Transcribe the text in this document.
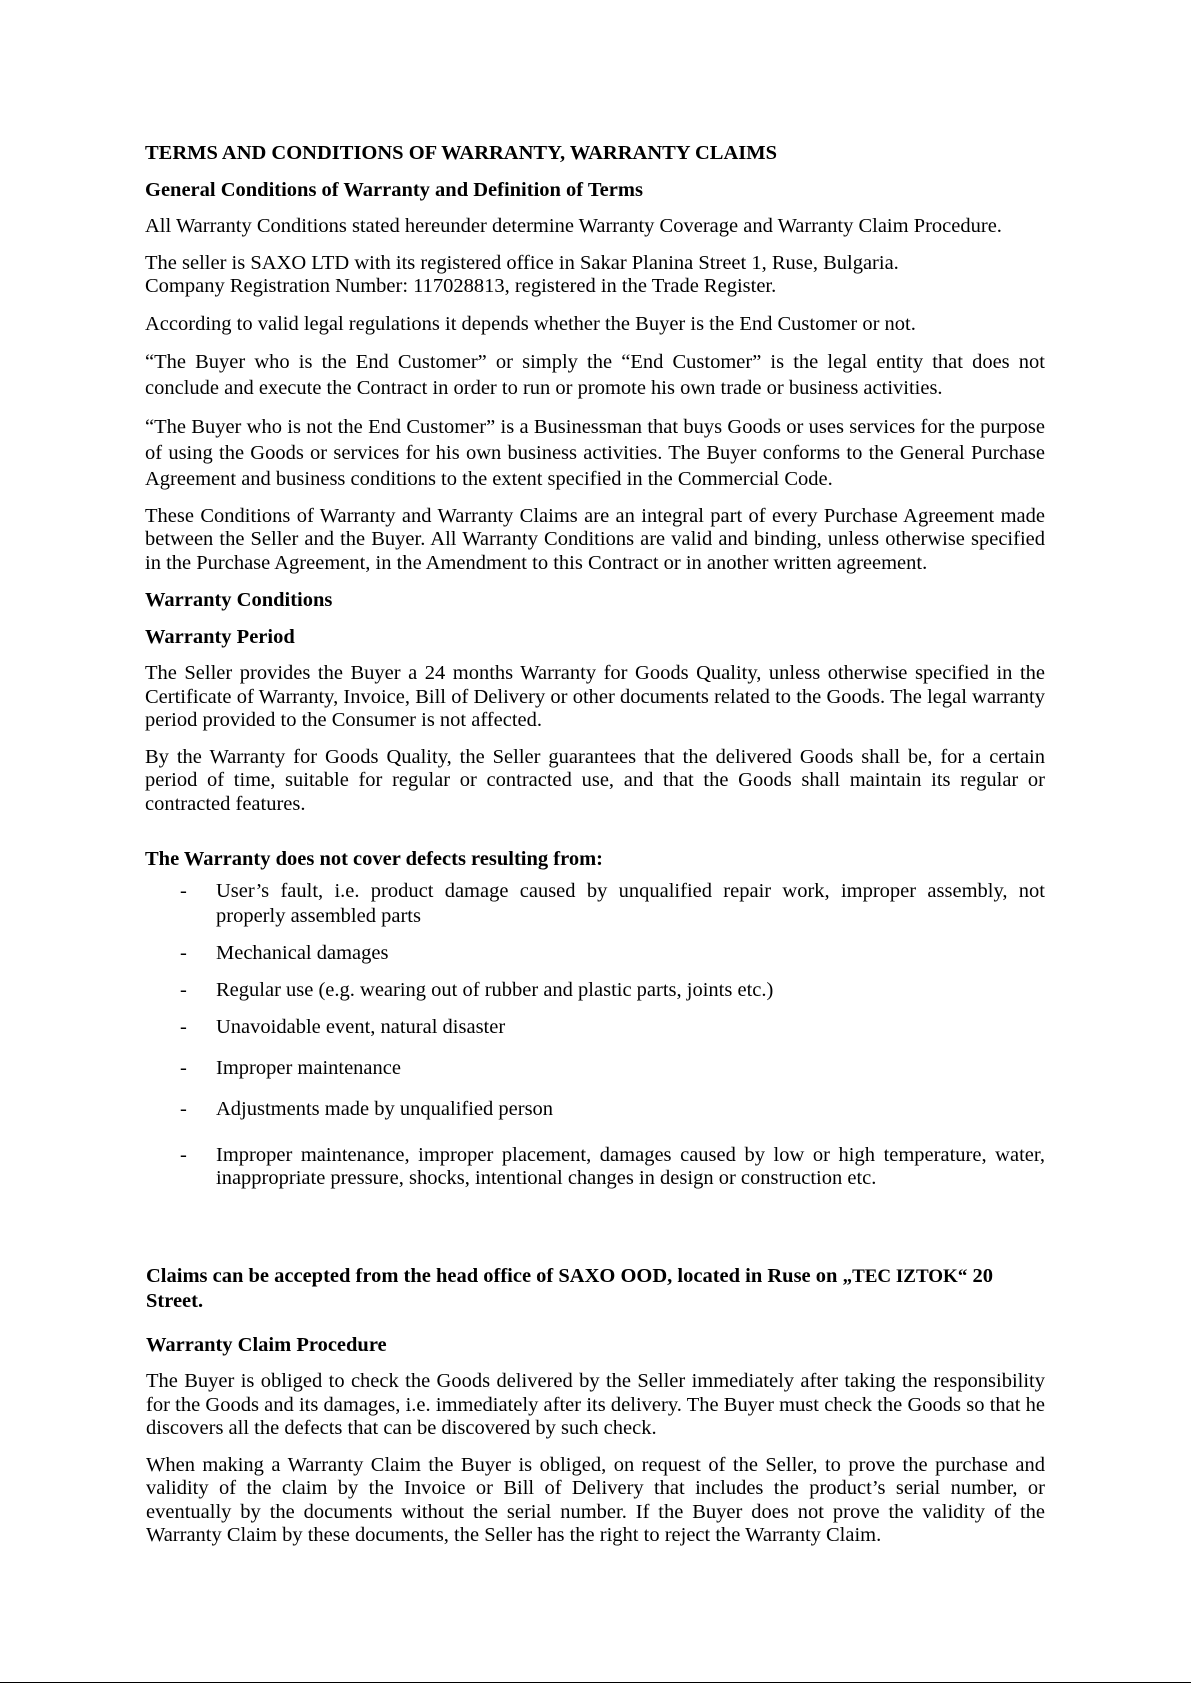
TERMS AND CONDITIONS OF WARRANTY, WARRANTY CLAIMS
General Conditions of Warranty and Definition of Terms
All Warranty Conditions stated hereunder determine Warranty Coverage and Warranty Claim Procedure.
The seller is SAXO LTD with its registered office in Sakar Planina Street 1, Ruse, Bulgaria.
Company Registration Number: 117028813, registered in the Trade Register.
According to valid legal regulations it depends whether the Buyer is the End Customer or not.
“The Buyer who is the End Customer” or simply the “End Customer” is the legal entity that does not conclude and execute the Contract in order to run or promote his own trade or business activities.
“The Buyer who is not the End Customer” is a Businessman that buys Goods or uses services for the purpose of using the Goods or services for his own business activities. The Buyer conforms to the General Purchase Agreement and business conditions to the extent specified in the Commercial Code.
These Conditions of Warranty and Warranty Claims are an integral part of every Purchase Agreement made between the Seller and the Buyer. All Warranty Conditions are valid and binding, unless otherwise specified in the Purchase Agreement, in the Amendment to this Contract or in another written agreement.
Warranty Conditions
Warranty Period
The Seller provides the Buyer a 24 months Warranty for Goods Quality, unless otherwise specified in the Certificate of Warranty, Invoice, Bill of Delivery or other documents related to the Goods. The legal warranty period provided to the Consumer is not affected.
By the Warranty for Goods Quality, the Seller guarantees that the delivered Goods shall be, for a certain period of time, suitable for regular or contracted use, and that the Goods shall maintain its regular or contracted features.
The Warranty does not cover defects resulting from:
- User’s fault, i.e. product damage caused by unqualified repair work, improper assembly, not properly assembled parts
- Mechanical damages
- Regular use (e.g. wearing out of rubber and plastic parts, joints etc.)
- Unavoidable event, natural disaster
- Improper maintenance
- Adjustments made by unqualified person
- Improper maintenance, improper placement, damages caused by low or high temperature, water, inappropriate pressure, shocks, intentional changes in design or construction etc.
Claims can be accepted from the head office of SAXO OOD, located in Ruse on „TEC IZTOK“ 20 Street.
Warranty Claim Procedure
The Buyer is obliged to check the Goods delivered by the Seller immediately after taking the responsibility for the Goods and its damages, i.e. immediately after its delivery. The Buyer must check the Goods so that he discovers all the defects that can be discovered by such check.
When making a Warranty Claim the Buyer is obliged, on request of the Seller, to prove the purchase and validity of the claim by the Invoice or Bill of Delivery that includes the product’s serial number, or eventually by the documents without the serial number. If the Buyer does not prove the validity of the Warranty Claim by these documents, the Seller has the right to reject the Warranty Claim.
